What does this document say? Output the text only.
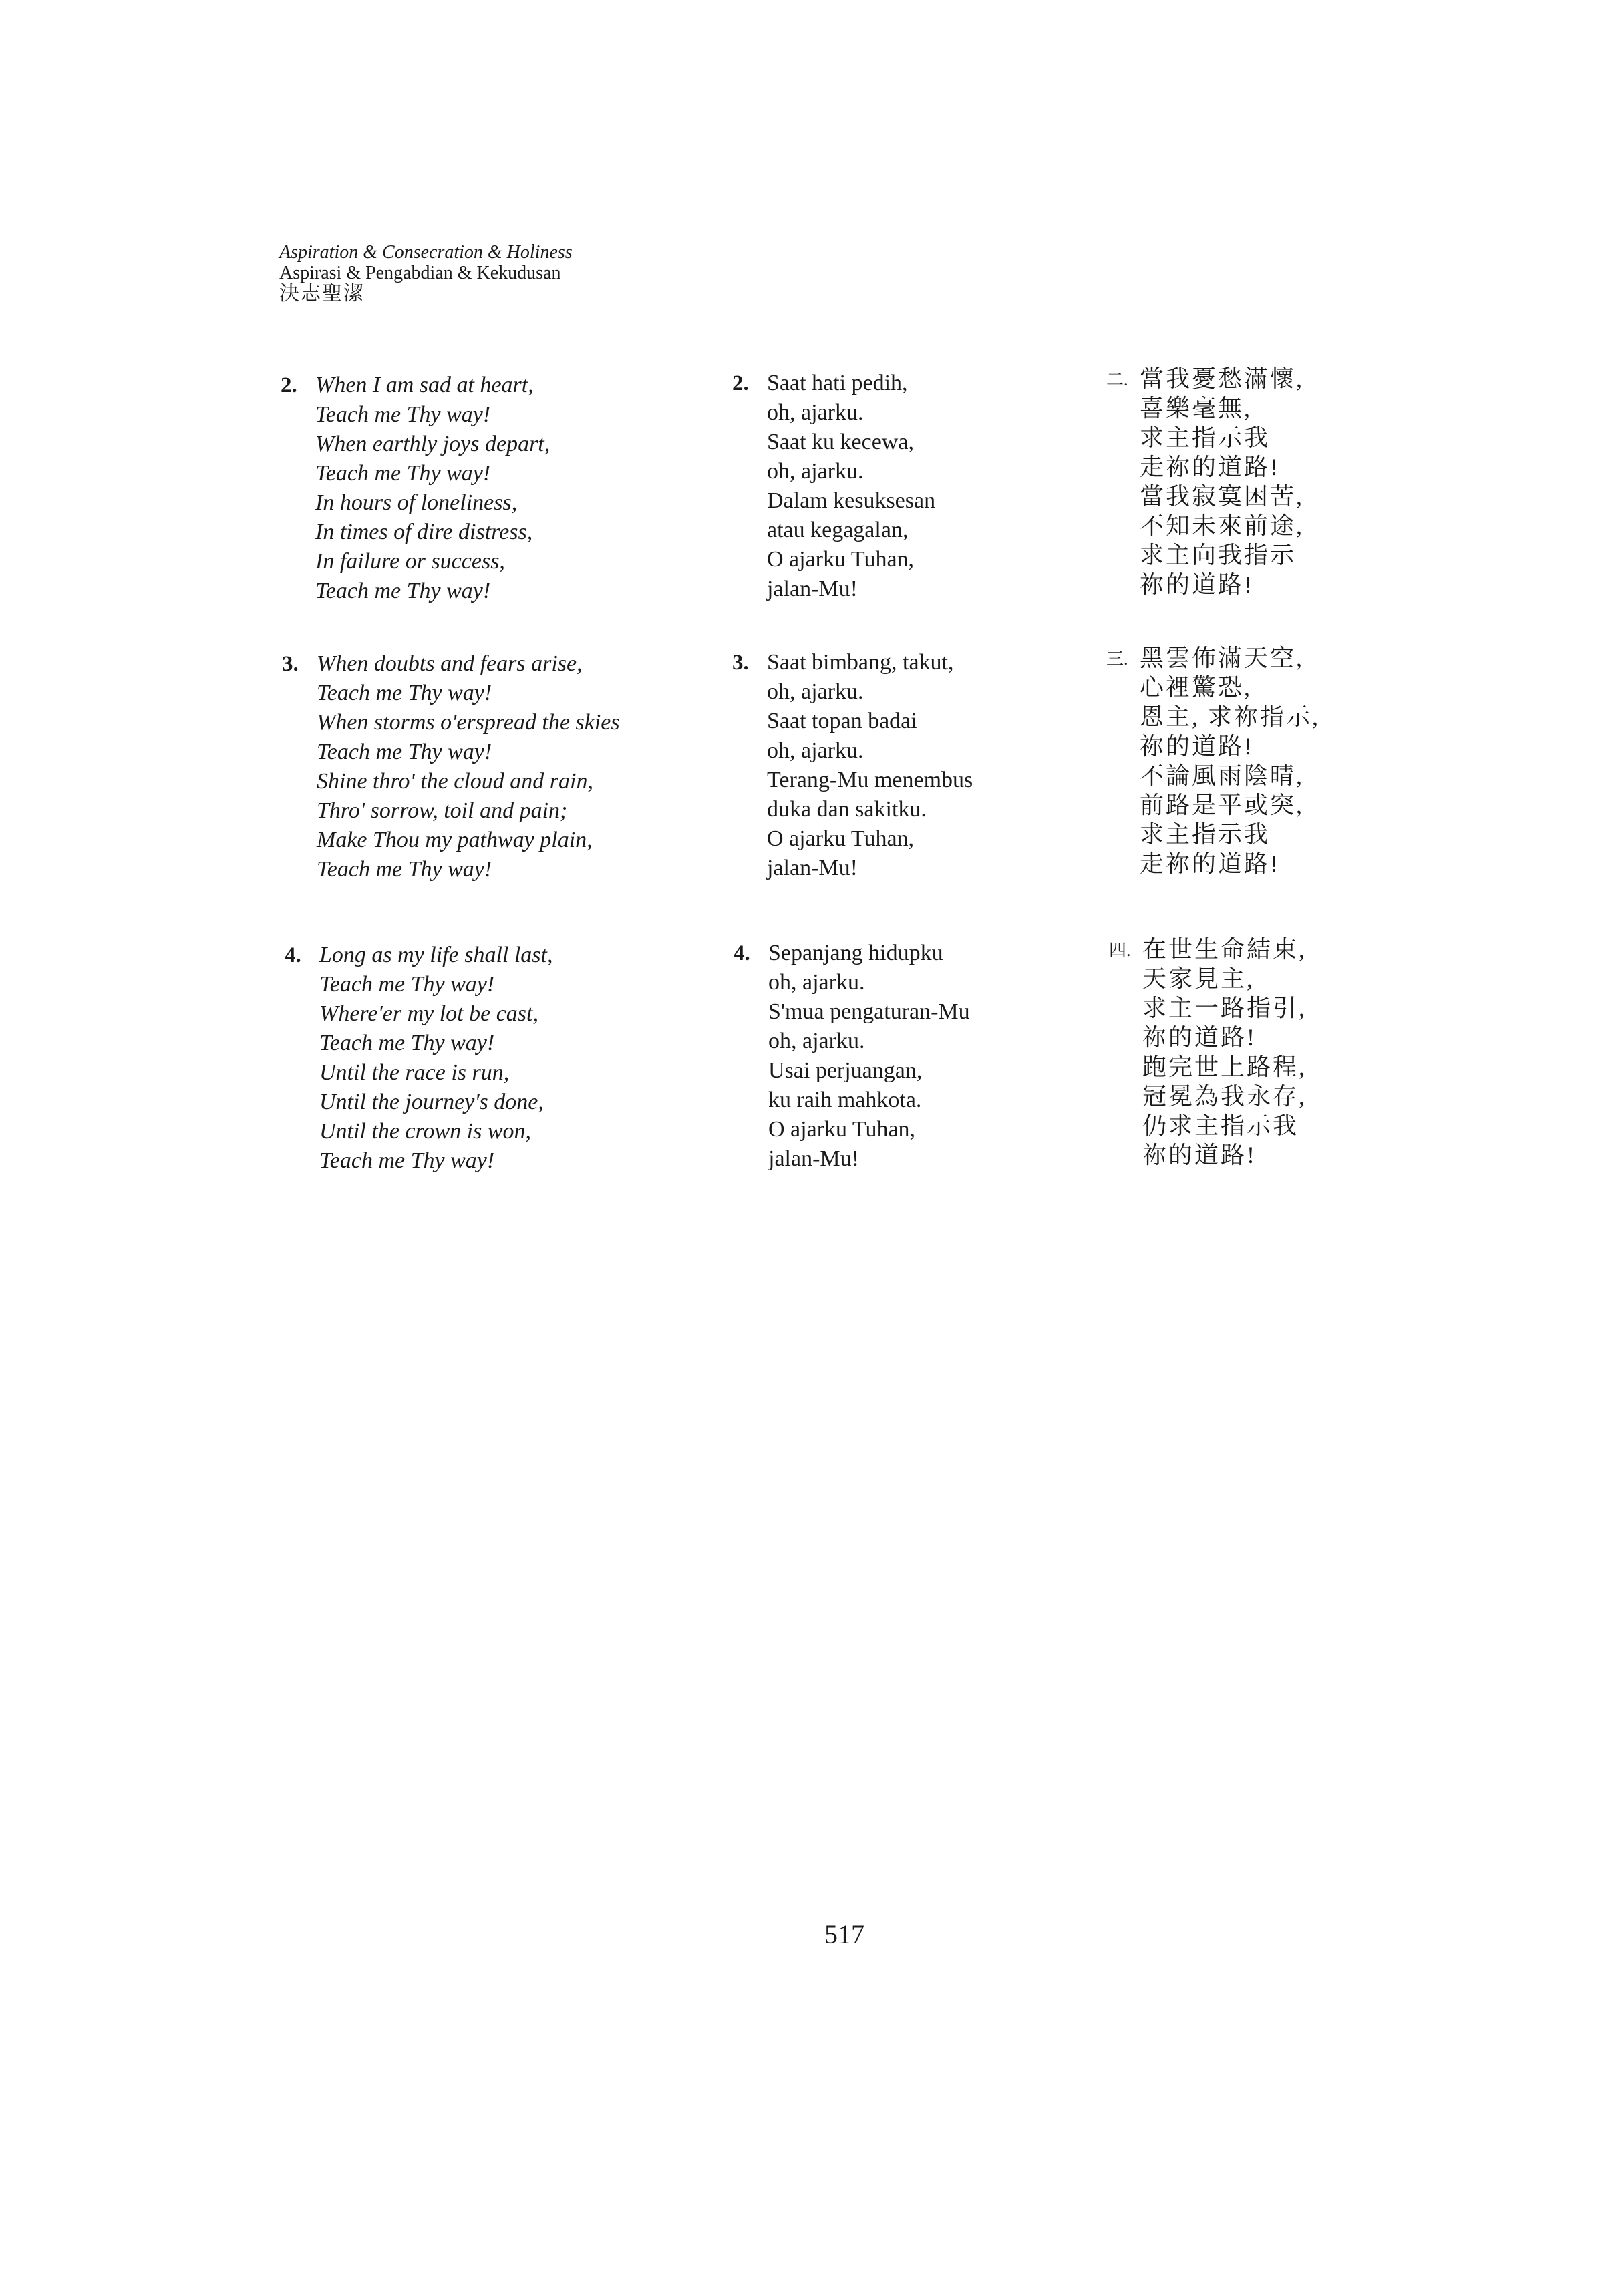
Aspiration & Consecration & Holiness
Aspirasi & Pengabdian & Kekudusan
決志聖潔
2. When I am sad at heart,
Teach me Thy way!
When earthly joys depart,
Teach me Thy way!
In hours of loneliness,
In times of dire distress,
In failure or success,
Teach me Thy way!
2. Saat hati pedih,
oh, ajarku.
Saat ku kecewa,
oh, ajarku.
Dalam kesuksesan
atau kegagalan,
O ajarku Tuhan,
jalan-Mu!
二. 當我憂愁滿懷,
喜樂毫無,
求主指示我
走祢的道路!
當我寂寞困苦,
不知未來前途,
求主向我指示
祢的道路!
3. When doubts and fears arise,
Teach me Thy way!
When storms o'erspread the skies
Teach me Thy way!
Shine thro' the cloud and rain,
Thro' sorrow, toil and pain;
Make Thou my pathway plain,
Teach me Thy way!
3. Saat bimbang, takut,
oh, ajarku.
Saat topan badai
oh, ajarku.
Terang-Mu menembus
duka dan sakitku.
O ajarku Tuhan,
jalan-Mu!
三. 黑雲佈滿天空,
心裡驚恐,
恩主, 求祢指示,
祢的道路!
不論風雨陰晴,
前路是平或突,
求主指示我
走祢的道路!
4. Long as my life shall last,
Teach me Thy way!
Where'er my lot be cast,
Teach me Thy way!
Until the race is run,
Until the journey's done,
Until the crown is won,
Teach me Thy way!
4. Sepanjang hidupku
oh, ajarku.
S'mua pengaturan-Mu
oh, ajarku.
Usai perjuangan,
ku raih mahkota.
O ajarku Tuhan,
jalan-Mu!
四. 在世生命結束,
天家見主,
求主一路指引,
祢的道路!
跑完世上路程,
冠冕為我永存,
仍求主指示我
祢的道路!
517
